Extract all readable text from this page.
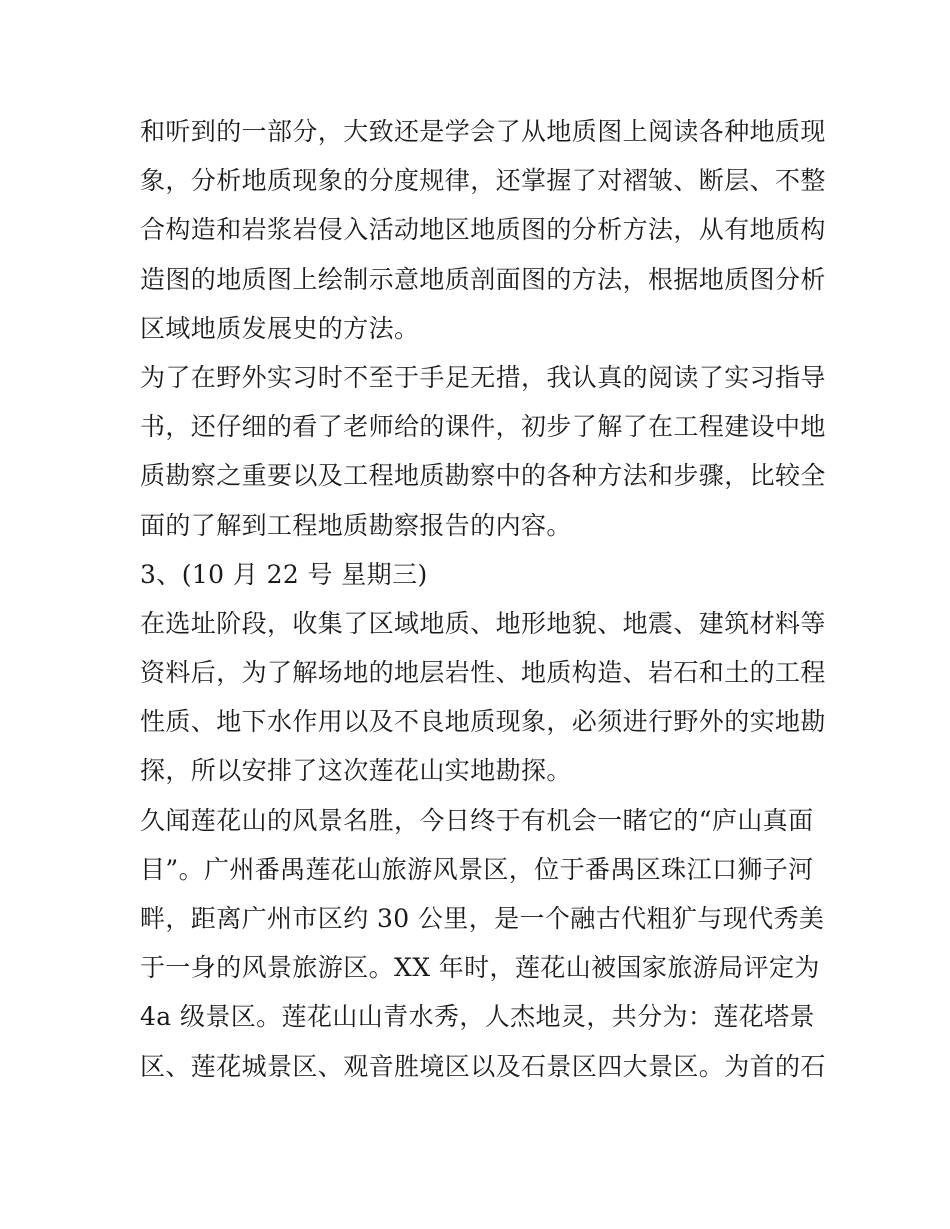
和听到的一部分，大致还是学会了从地质图上阅读各种地质现
象，分析地质现象的分度规律，还掌握了对褶皱、断层、不整
合构造和岩浆岩侵入活动地区地质图的分析方法，从有地质构
造图的地质图上绘制示意地质剖面图的方法，根据地质图分析
区域地质发展史的方法。
为了在野外实习时不至于手足无措，我认真的阅读了实习指导
书，还仔细的看了老师给的课件，初步了解了在工程建设中地
质勘察之重要以及工程地质勘察中的各种方法和步骤，比较全
面的了解到工程地质勘察报告的内容。
3、(10 月 22 号 星期三)
在选址阶段，收集了区域地质、地形地貌、地震、建筑材料等
资料后，为了解场地的地层岩性、地质构造、岩石和土的工程
性质、地下水作用以及不良地质现象，必须进行野外的实地勘
探，所以安排了这次莲花山实地勘探。
久闻莲花山的风景名胜，今日终于有机会一睹它的“庐山真面
目”。广州番禺莲花山旅游风景区，位于番禺区珠江口狮子河
畔，距离广州市区约 30 公里，是一个融古代粗犷与现代秀美
于一身的风景旅游区。XX 年时，莲花山被国家旅游局评定为
4a 级景区。莲花山山青水秀，人杰地灵，共分为：莲花塔景
区、莲花城景区、观音胜境区以及石景区四大景区。为首的石
